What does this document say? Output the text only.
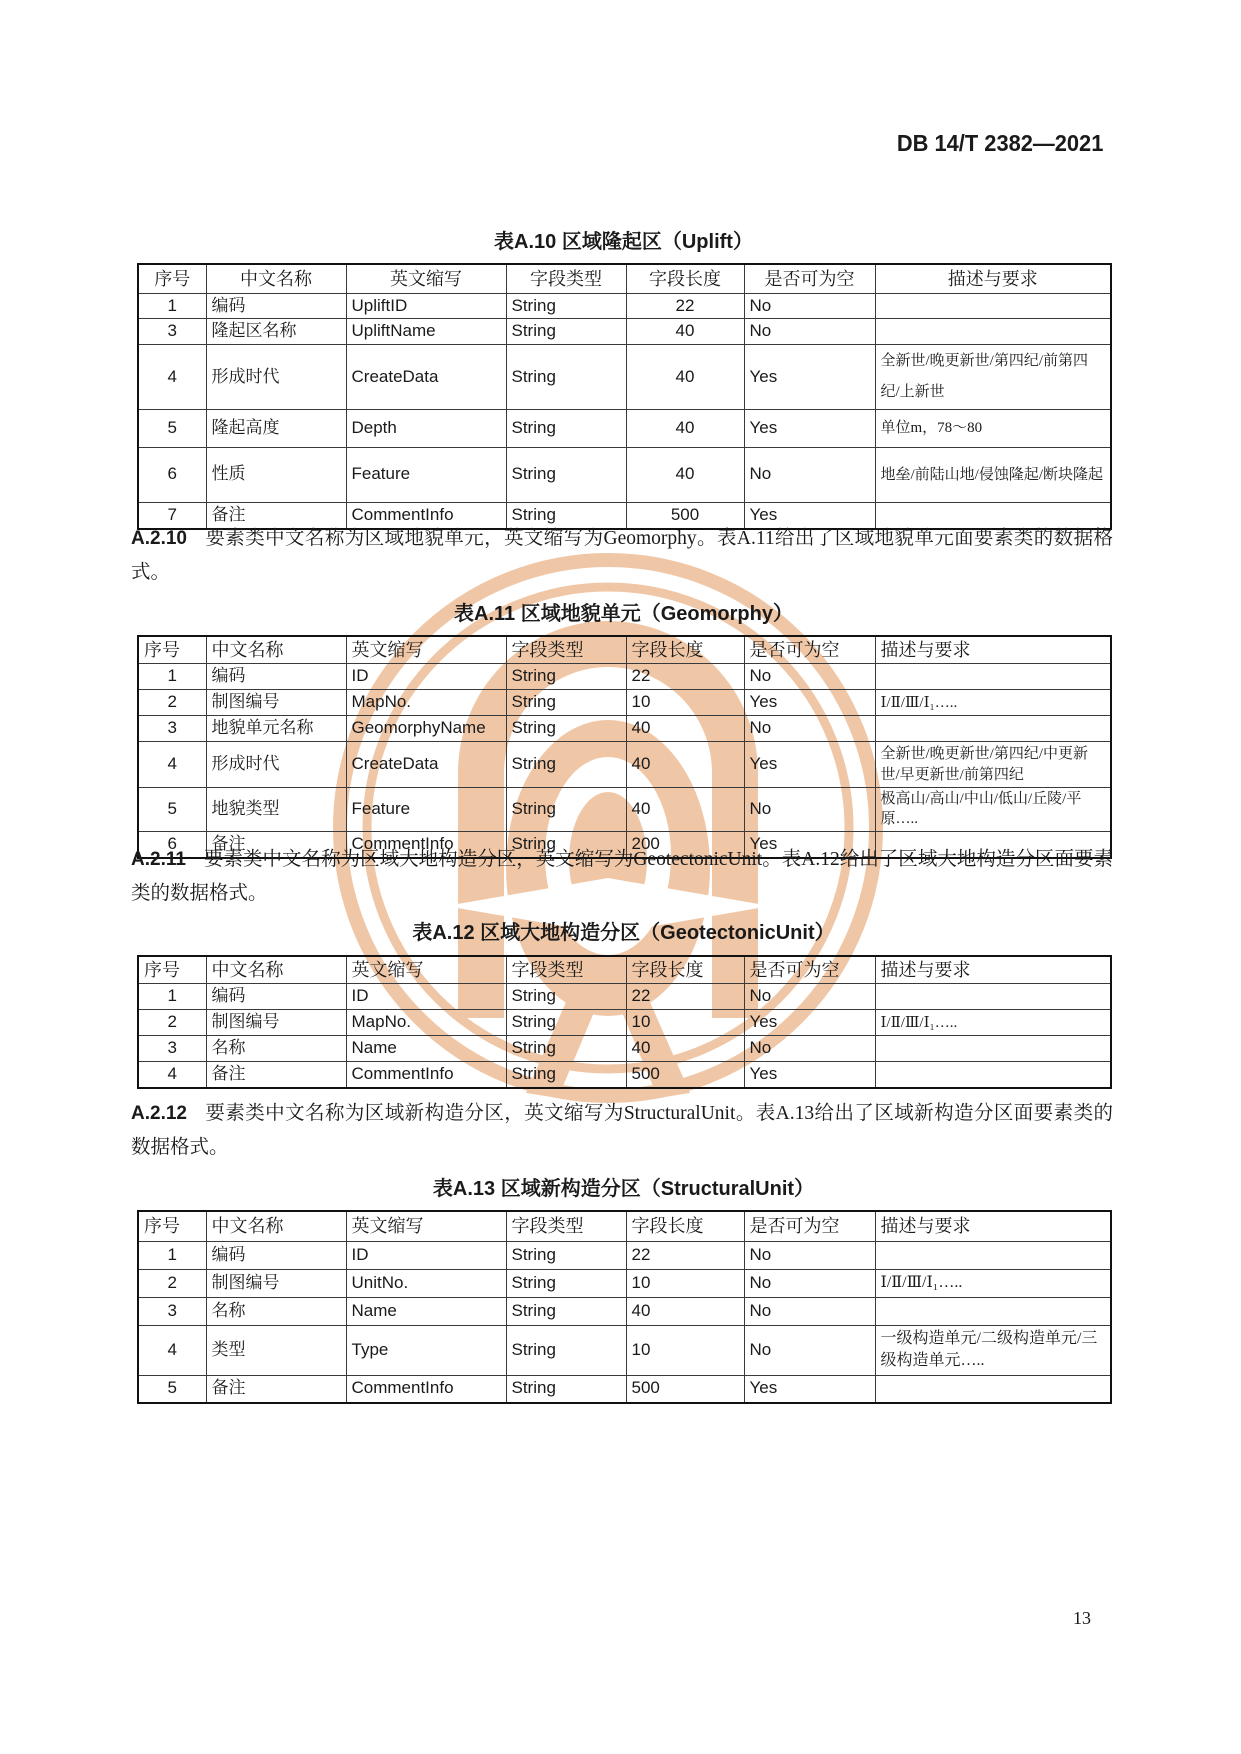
DB 14/T 2382—2021
表A.10 区域隆起区（Uplift）
序号	中文名称	英文缩写	字段类型	字段长度	是否可为空	描述与要求
1	编码	UpliftID	String	22	No	
3	隆起区名称	UpliftName	String	40	No	
4	形成时代	CreateData	String	40	Yes	全新世/晚更新世/第四纪/前第四纪/上新世
5	隆起高度	Depth	String	40	Yes	单位m，78～80
6	性质	Feature	String	40	No	地垒/前陆山地/侵蚀隆起/断块隆起
7	备注	CommentInfo	String	500	Yes	

A.2.10 要素类中文名称为区域地貌单元，英文缩写为Geomorphy。表A.11给出了区域地貌单元面要素类的数据格式。

表A.11 区域地貌单元（Geomorphy）
序号	中文名称	英文缩写	字段类型	字段长度	是否可为空	描述与要求
1	编码	ID	String	22	No	
2	制图编号	MapNo.	String	10	Yes	Ⅰ/Ⅱ/Ⅲ/Ⅰ₁…..
3	地貌单元名称	GeomorphyName	String	40	No	
4	形成时代	CreateData	String	40	Yes	全新世/晚更新世/第四纪/中更新世/早更新世/前第四纪
5	地貌类型	Feature	String	40	No	极高山/高山/中山/低山/丘陵/平原…..
6	备注	CommentInfo	String	200	Yes	

A.2.11 要素类中文名称为区域大地构造分区，英文缩写为GeotectonicUnit。表A.12给出了区域大地构造分区面要素类的数据格式。

表A.12 区域大地构造分区（GeotectonicUnit）
序号	中文名称	英文缩写	字段类型	字段长度	是否可为空	描述与要求
1	编码	ID	String	22	No	
2	制图编号	MapNo.	String	10	Yes	Ⅰ/Ⅱ/Ⅲ/Ⅰ₁…..
3	名称	Name	String	40	No	
4	备注	CommentInfo	String	500	Yes	

A.2.12 要素类中文名称为区域新构造分区，英文缩写为StructuralUnit。表A.13给出了区域新构造分区面要素类的数据格式。

表A.13 区域新构造分区（StructuralUnit）
序号	中文名称	英文缩写	字段类型	字段长度	是否可为空	描述与要求
1	编码	ID	String	22	No	
2	制图编号	UnitNo.	String	10	No	Ⅰ/Ⅱ/Ⅲ/Ⅰ₁…..
3	名称	Name	String	40	No	
4	类型	Type	String	10	No	一级构造单元/二级构造单元/三级构造单元…..
5	备注	CommentInfo	String	500	Yes	
13
